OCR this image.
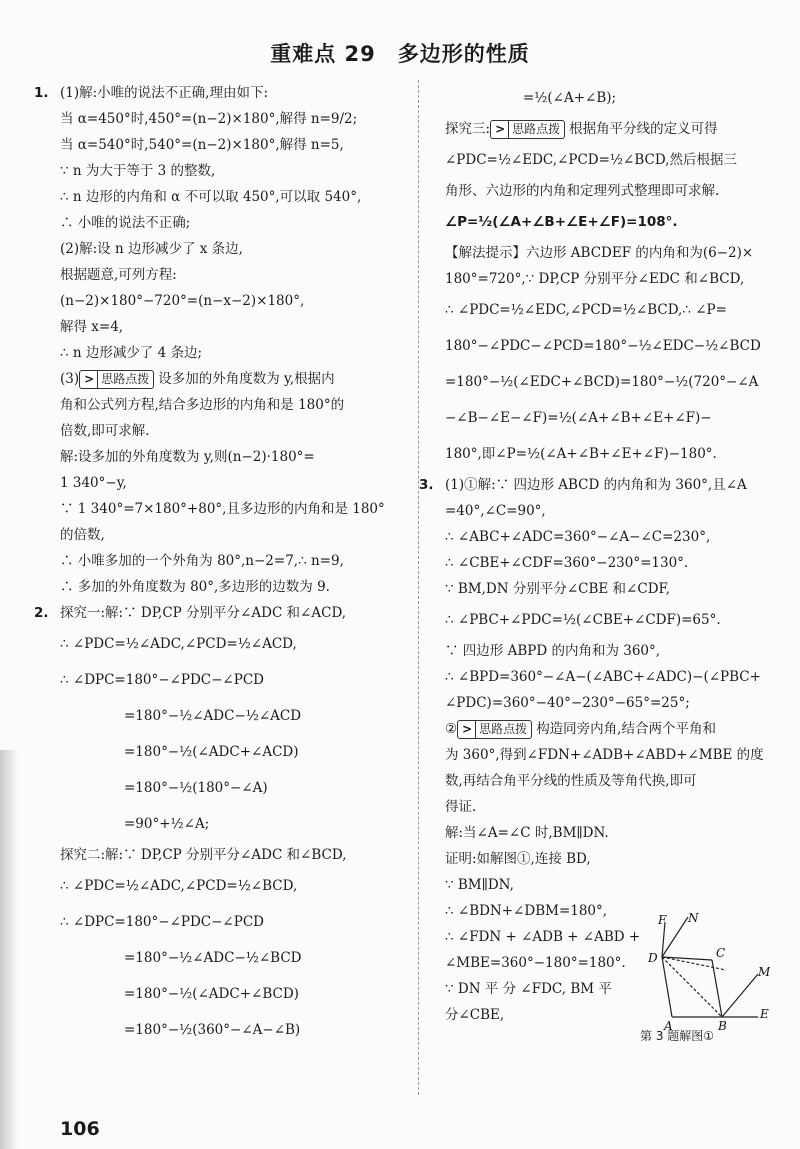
重难点 29　多边形的性质

1. (1)解:小唯的说法不正确,理由如下:

当 α=450°时,450°=(n−2)×180°,解得 n=9/2;

当 α=540°时,540°=(n−2)×180°,解得 n=5,

∵ n 为大于等于 3 的整数,

∴ n 边形的内角和 α 不可以取 450°,可以取 540°,

∴ 小唯的说法不正确;

(2)解:设 n 边形减少了 x 条边,

根据题意,可列方程:

(n−2)×180°−720°=(n−x−2)×180°,

解得 x=4,

∴ n 边形减少了 4 条边;

(3) > 思路点拨 设多加的外角度数为 y,根据内

角和公式列方程,结合多边形的内角和是 180°的

倍数,即可求解.

解:设多加的外角度数为 y,则(n−2)·180°=

1 340°−y,

∵ 1 340°=7×180°+80°,且多边形的内角和是 180°

的倍数,

∴ 小唯多加的一个外角为 80°,n−2=7,∴ n=9,

∴ 多加的外角度数为 80°,多边形的边数为 9.

2. 探究一:解:∵ DP,CP 分别平分∠ADC 和∠ACD,

∴ ∠PDC=½∠ADC,∠PCD=½∠ACD,

∴ ∠DPC=180°−∠PDC−∠PCD

=180°−½∠ADC−½∠ACD

=180°−½(∠ADC+∠ACD)

=180°−½(180°−∠A)

=90°+½∠A;

探究二:解:∵ DP,CP 分别平分∠ADC 和∠BCD,

∴ ∠PDC=½∠ADC,∠PCD=½∠BCD,

∴ ∠DPC=180°−∠PDC−∠PCD

=180°−½∠ADC−½∠BCD

=180°−½(∠ADC+∠BCD)

=180°−½(360°−∠A−∠B)

=½(∠A+∠B);

探究三: > 思路点拨 根据角平分线的定义可得

∠PDC=½∠EDC,∠PCD=½∠BCD,然后根据三

角形、六边形的内角和定理列式整理即可求解.

∠P=½(∠A+∠B+∠E+∠F)=108°.

【解法提示】六边形 ABCDEF 的内角和为(6−2)×

180°=720°,∵ DP,CP 分别平分∠EDC 和∠BCD,

∴ ∠PDC=½∠EDC,∠PCD=½∠BCD,∴ ∠P=

180°−∠PDC−∠PCD=180°−½∠EDC−½∠BCD

=180°−½(∠EDC+∠BCD)=180°−½(720°−∠A

−∠B−∠E−∠F)=½(∠A+∠B+∠E+∠F)−

180°,即∠P=½(∠A+∠B+∠E+∠F)−180°.

3. (1)①解:∵ 四边形 ABCD 的内角和为 360°,且∠A

=40°,∠C=90°,

∴ ∠ABC+∠ADC=360°−∠A−∠C=230°,

∴ ∠CBE+∠CDF=360°−230°=130°.

∵ BM,DN 分别平分∠CBE 和∠CDF,

∴ ∠PBC+∠PDC=½(∠CBE+∠CDF)=65°.

∵ 四边形 ABPD 的内角和为 360°,

∴ ∠BPD=360°−∠A−(∠ABC+∠ADC)−(∠PBC+

∠PDC)=360°−40°−230°−65°=25°;

② > 思路点拨 构造同旁内角,结合两个平角和

为 360°,得到∠FDN+∠ADB+∠ABD+∠MBE 的度

数,再结合角平分线的性质及等角代换,即可

得证.

解:当∠A=∠C 时,BM∥DN.

证明:如解图①,连接 BD,

∵ BM∥DN,

∴ ∠BDN+∠DBM=180°,

∴ ∠FDN + ∠ADB + ∠ABD +

∠MBE=360°−180°=180°.

∵ DN 平 分 ∠FDC, BM 平

分∠CBE,

F N
D	C
M
A	B
E
第 3 题解图①
106
